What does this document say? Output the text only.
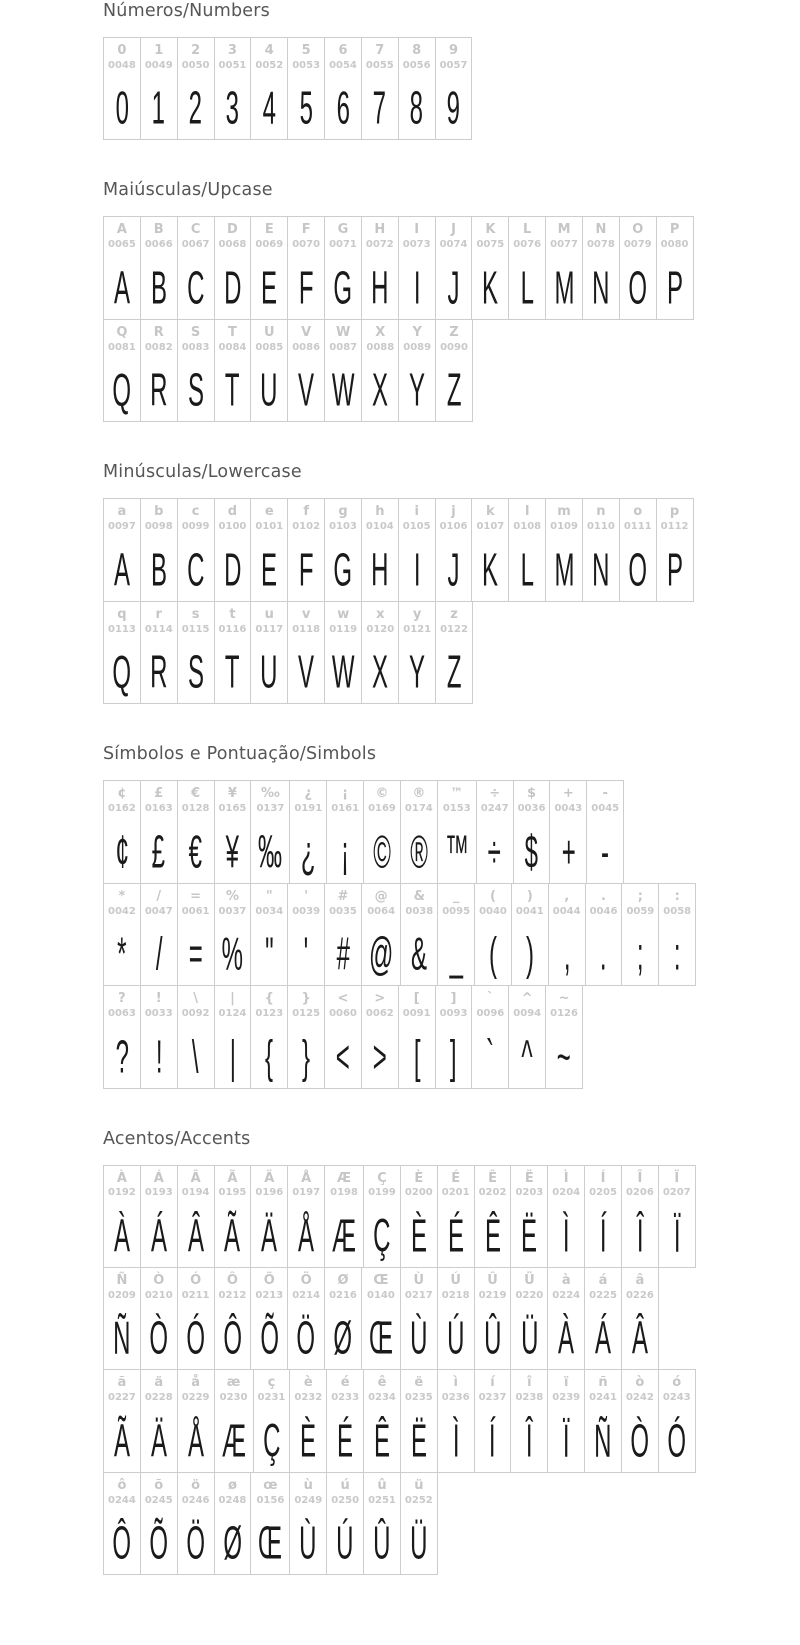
Números/Numbers
0
0048
0
1
0049
1
2
0050
2
3
0051
3
4
0052
4
5
0053
5
6
0054
6
7
0055
7
8
0056
8
9
0057
9
Maiúsculas/Upcase
A
0065
A
B
0066
B
C
0067
C
D
0068
D
E
0069
E
F
0070
F
G
0071
G
H
0072
H
I
0073
I
J
0074
J
K
0075
K
L
0076
L
M
0077
M
N
0078
N
O
0079
O
P
0080
P
Q
0081
Q
R
0082
R
S
0083
S
T
0084
T
U
0085
U
V
0086
V
W
0087
W
X
0088
X
Y
0089
Y
Z
0090
Z
Minúsculas/Lowercase
a
0097
A
b
0098
B
c
0099
C
d
0100
D
e
0101
E
f
0102
F
g
0103
G
h
0104
H
i
0105
I
j
0106
J
k
0107
K
l
0108
L
m
0109
M
n
0110
N
o
0111
O
p
0112
P
q
0113
Q
r
0114
R
s
0115
S
t
0116
T
u
0117
U
v
0118
V
w
0119
W
x
0120
X
y
0121
Y
z
0122
Z
Símbolos e Pontuação/Simbols
¢
0162
¢
£
0163
£
€
0128
€
¥
0165
¥
‰
0137
‰
¿
0191
¿
¡
0161
¡
©
0169
©
®
0174
®
™
0153
™
÷
0247
÷
$
0036
$
+
0043
+
-
0045
-
*
0042
*
/
0047
/
=
0061
=
%
0037
%
"
0034
"
'
0039
'
#
0035
#
@
0064
@
&
0038
&
_
0095
_
(
0040
(
)
0041
)
,
0044
,
.
0046
.
;
0059
;
:
0058
:
?
0063
?
!
0033
!
\
0092
\
|
0124
|
{
0123
{
}
0125
}
<
0060
<
>
0062
>
[
0091
[
]
0093
]
`
0096
`
^
0094
^
~
0126
~
Acentos/Accents
À
0192
À
Á
0193
Á
Â
0194
Â
Ã
0195
Ã
Ä
0196
Ä
Å
0197
Å
Æ
0198
Æ
Ç
0199
Ç
È
0200
È
É
0201
É
Ê
0202
Ê
Ë
0203
Ë
Ì
0204
Ì
Í
0205
Í
Î
0206
Î
Ï
0207
Ï
Ñ
0209
Ñ
Ò
0210
Ò
Ó
0211
Ó
Ô
0212
Ô
Õ
0213
Õ
Ö
0214
Ö
Ø
0216
Ø
Œ
0140
Œ
Ù
0217
Ù
Ú
0218
Ú
Û
0219
Û
Ü
0220
Ü
à
0224
À
á
0225
Á
â
0226
Â
ã
0227
Ã
ä
0228
Ä
å
0229
Å
æ
0230
Æ
ç
0231
Ç
è
0232
È
é
0233
É
ê
0234
Ê
ë
0235
Ë
ì
0236
Ì
í
0237
Í
î
0238
Î
ï
0239
Ï
ñ
0241
Ñ
ò
0242
Ò
ó
0243
Ó
ô
0244
Ô
õ
0245
Õ
ö
0246
Ö
ø
0248
Ø
œ
0156
Œ
ù
0249
Ù
ú
0250
Ú
û
0251
Û
ü
0252
Ü
